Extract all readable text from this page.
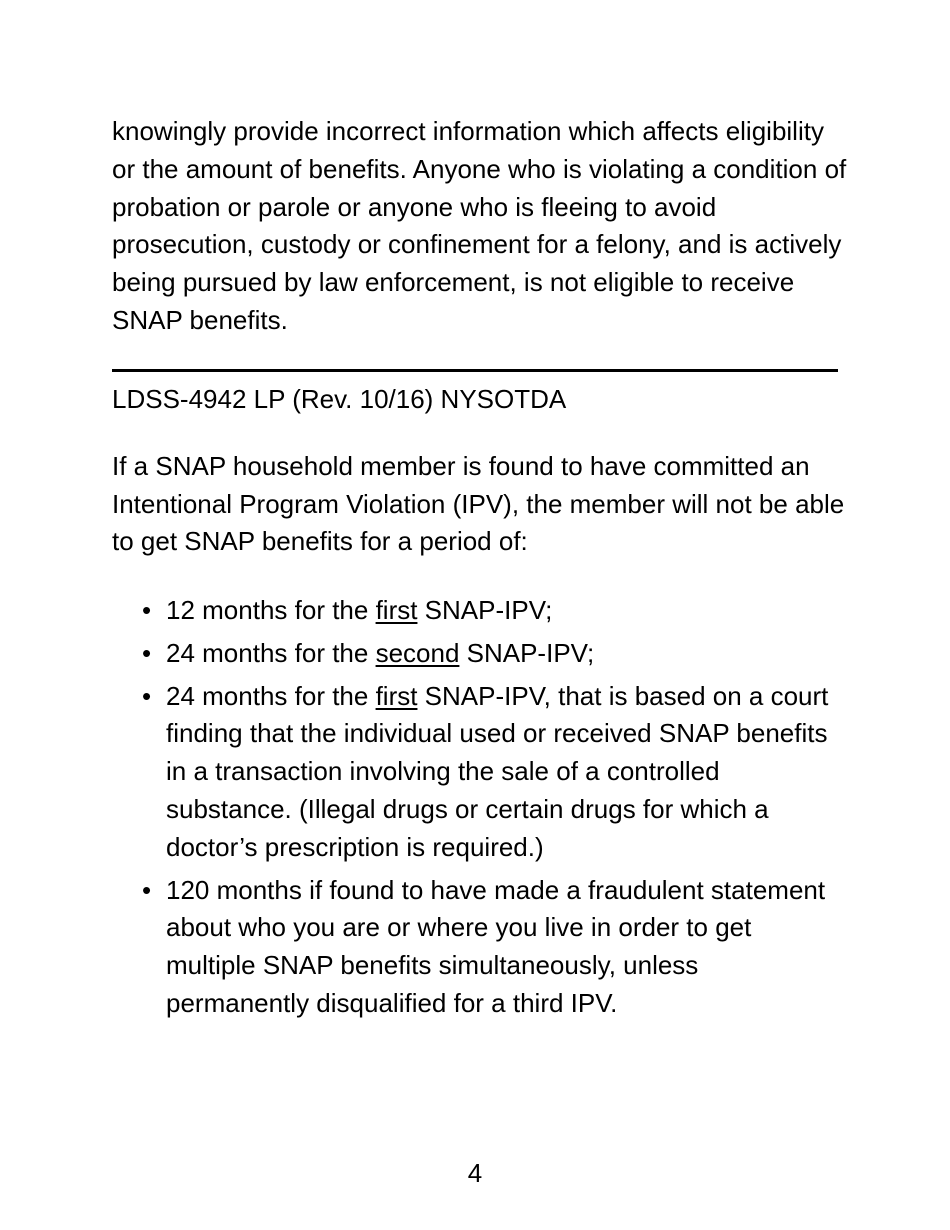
knowingly provide incorrect information which affects eligibility or the amount of benefits. Anyone who is violating a condition of probation or parole or anyone who is fleeing to avoid prosecution, custody or confinement for a felony, and is actively being pursued by law enforcement, is not eligible to receive SNAP benefits.

LDSS-4942 LP (Rev. 10/16) NYSOTDA

If a SNAP household member is found to have committed an Intentional Program Violation (IPV), the member will not be able to get SNAP benefits for a period of:

• 12 months for the first SNAP-IPV;
• 24 months for the second SNAP-IPV;
• 24 months for the first SNAP-IPV, that is based on a court finding that the individual used or received SNAP benefits in a transaction involving the sale of a controlled substance. (Illegal drugs or certain drugs for which a doctor’s prescription is required.)
• 120 months if found to have made a fraudulent statement about who you are or where you live in order to get multiple SNAP benefits simultaneously, unless permanently disqualified for a third IPV.

4
